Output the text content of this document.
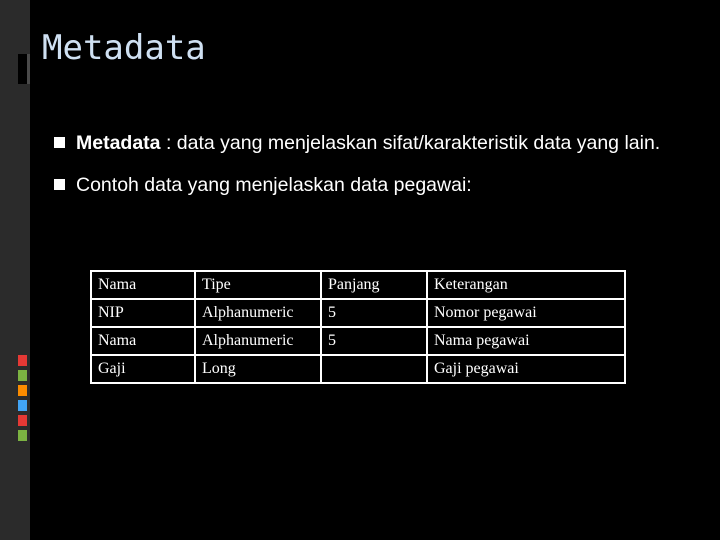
Metadata
Metadata : data yang menjelaskan sifat/karakteristik data yang lain.
Contoh data yang menjelaskan data pegawai:
Nama	Tipe	Panjang	Keterangan
NIP	Alphanumeric	5	Nomor pegawai
Nama	Alphanumeric	5	Nama pegawai
Gaji	Long		Gaji pegawai
